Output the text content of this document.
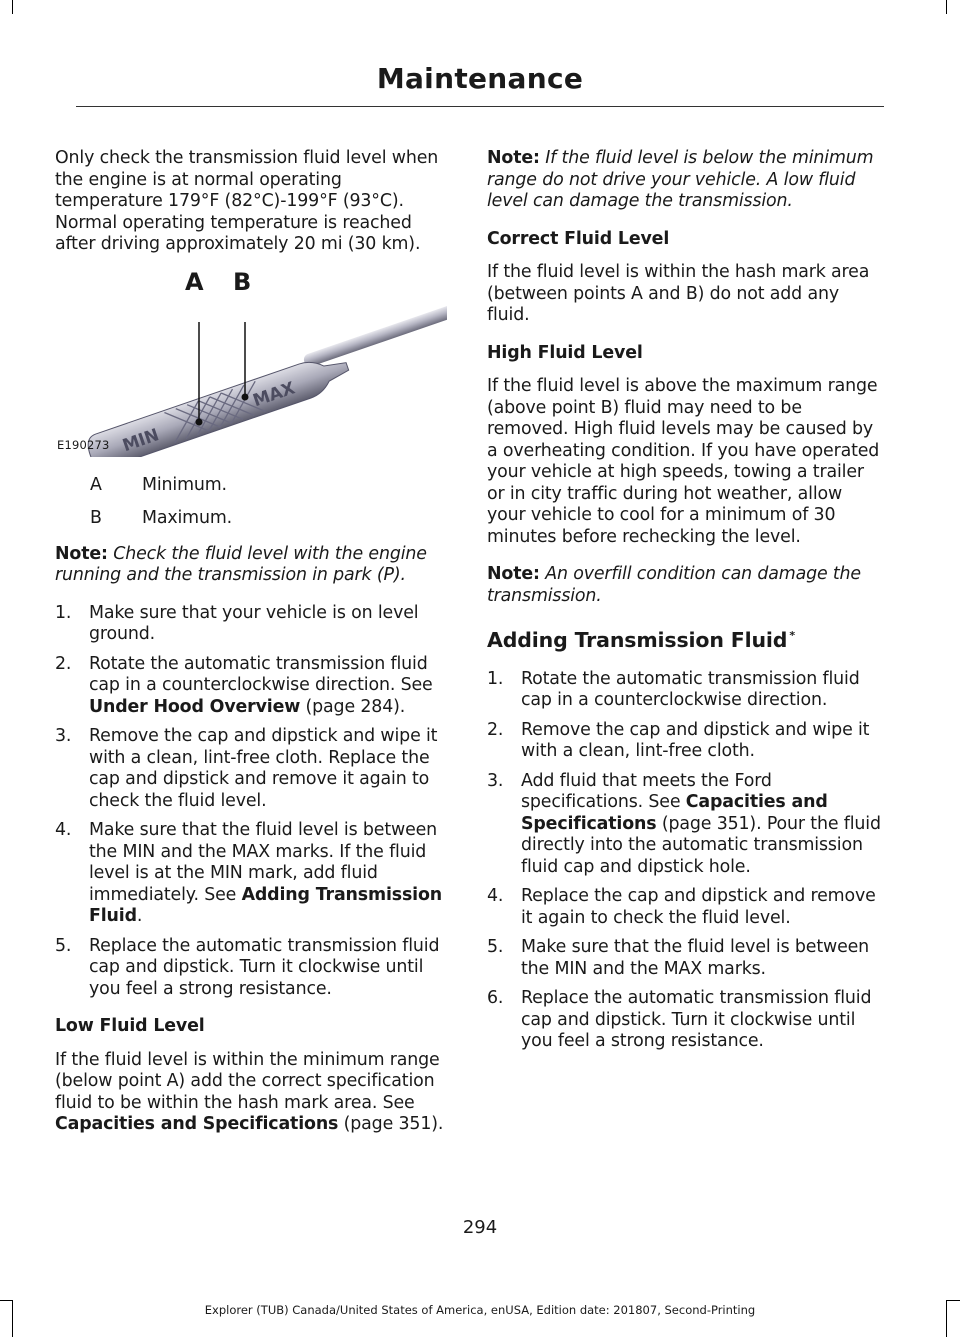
Maintenance

Only check the transmission fluid level when the engine is at normal operating temperature 179°F (82°C)-199°F (93°C). Normal operating temperature is reached after driving approximately 20 mi (30 km).

MIN
MAX
A B
E190273
A	Minimum.
B	Maximum.

Note: Check the fluid level with the engine running and the transmission in park (P).

1. Make sure that your vehicle is on level ground.
2. Rotate the automatic transmission fluid cap in a counterclockwise direction. See Under Hood Overview (page 284).
3. Remove the cap and dipstick and wipe it with a clean, lint-free cloth. Replace the cap and dipstick and remove it again to check the fluid level.
4. Make sure that the fluid level is between the MIN and the MAX marks. If the fluid level is at the MIN mark, add fluid immediately. See Adding Transmission Fluid.
5. Replace the automatic transmission fluid cap and dipstick. Turn it clockwise until you feel a strong resistance.
Low Fluid Level

If the fluid level is within the minimum range (below point A) add the correct specification fluid to be within the hash mark area. See Capacities and Specifications (page 351).

Note: If the fluid level is below the minimum range do not drive your vehicle. A low fluid level can damage the transmission.

Correct Fluid Level

If the fluid level is within the hash mark area (between points A and B) do not add any fluid.

High Fluid Level

If the fluid level is above the maximum range (above point B) fluid may need to be removed. High fluid levels may be caused by a overheating condition. If you have operated your vehicle at high speeds, towing a trailer or in city traffic during hot weather, allow your vehicle to cool for a minimum of 30 minutes before rechecking the level.

Note: An overfill condition can damage the transmission.

Adding Transmission Fluid *
1. Rotate the automatic transmission fluid cap in a counterclockwise direction.
2. Remove the cap and dipstick and wipe it with a clean, lint-free cloth.
3. Add fluid that meets the Ford specifications. See Capacities and Specifications (page 351). Pour the fluid directly into the automatic transmission fluid cap and dipstick hole.
4. Replace the cap and dipstick and remove it again to check the fluid level.
5. Make sure that the fluid level is between the MIN and the MAX marks.
6. Replace the automatic transmission fluid cap and dipstick. Turn it clockwise until you feel a strong resistance.
294
Explorer (TUB) Canada/United States of America, enUSA, Edition date: 201807, Second-Printing
